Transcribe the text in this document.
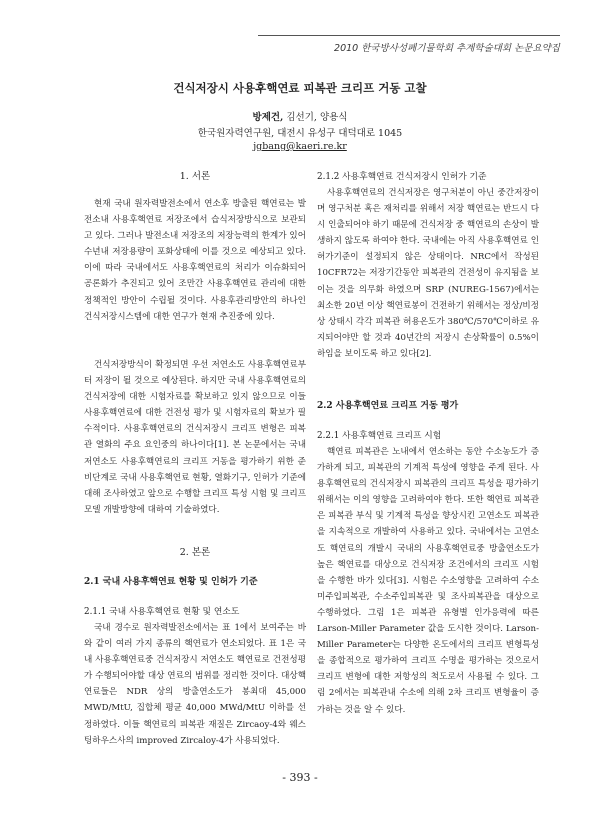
2010 한국방사성폐기물학회 추계학술대회 논문요약집
건식저장시 사용후핵연료 피복관 크리프 거동 고찰
방제건, 김선기, 양용식
한국원자력연구원, 대전시 유성구 대덕대로 1045
jgbang@kaeri.re.kr
1. 서론
현재 국내 원자력발전소에서 연소후 방출된 핵연료는 발전소내 사용후핵연료 저장조에서 습식저장방식으로 보관되고 있다. 그러나 발전소내 저장조의 저장능력의 한계가 있어 수년내 저장용량이 포화상태에 이를 것으로 예상되고 있다. 이에 따라 국내에서도 사용후핵연료의 처리가 이슈화되어 공론화가 추진되고 있어 조만간 사용후핵연료 관리에 대한 정책적인 방안이 수립될 것이다. 사용후관리방안의 하나인 건식저장시스템에 대한 연구가 현재 추진중에 있다.
건식저장방식이 확정되면 우선 저연소도 사용후핵연료부터 저장이 될 것으로 예상된다. 하지만 국내 사용후핵연료의 건식저장에 대한 시험자료를 확보하고 있지 않으므로 이들 사용후핵연료에 대한 건전성 평가 및 시험자료의 확보가 필수적이다. 사용후핵연료의 건식저장시 크리프 변형은 피복관 열화의 주요 요인중의 하나이다[1]. 본 논문에서는 국내 저연소도 사용후핵연료의 크리프 거동을 평가하기 위한 준비단계로 국내 사용후핵연료 현황, 열화기구, 인허가 기준에 대해 조사하였고 앞으로 수행할 크리프 특성 시험 및 크리프 모델 개발방향에 대하여 기술하였다.
2. 본론
2.1 국내 사용후핵연료 현황 및 인허가 기준
2.1.1 국내 사용후핵연료 현황 및 연소도
국내 경수로 원자력발전소에서는 표 1에서 보여주는 바와 같이 여러 가지 종류의 핵연료가 연소되었다. 표 1은 국내 사용후핵연료중 건식저장시 저연소도 핵연료로 건전성평가 수행되어야할 대상 연료의 범위를 정리한 것이다. 대상핵연료들은 NDR 상의 방출연소도가 봉최대 45,000 MWD/MtU, 집합체 평균 40,000 MWd/MtU 이하를 선정하였다. 이들 핵연료의 피복관 재질은 Zircaoy-4와 웨스팅하우스사의 improved Zircaloy-4가 사용되었다.
2.1.2 사용후핵연료 건식저장시 인허가 기준
사용후핵연료의 건식저장은 영구처분이 아닌 중간저장이며 영구처분 혹은 재처리를 위해서 저장 핵연료는 반드시 다시 인출되어야 하기 때문에 건식저장 중 핵연료의 손상이 발생하지 않도록 하여야 한다. 국내에는 아직 사용후핵연료 인허가기준이 설정되지 않은 상태이다. NRC에서 작성된 10CFR72는 저장기간동안 피복관의 건전성이 유지됨을 보이는 것을 의무화 하였으며 SRP (NUREG-1567)에서는 최소한 20년 이상 핵연료봉이 건전하기 위해서는 정상/비정상 상태시 각각 피복관 허용온도가 380℃/570℃이하로 유지되어야만 할 것과 40년간의 저장시 손상확률이 0.5%이하임을 보이도록 하고 있다[2].
2.2 사용후핵연료 크리프 거동 평가
2.2.1 사용후핵연료 크리프 시험
핵연료 피복관은 노내에서 연소하는 동안 수소농도가 증가하게 되고, 피복관의 기계적 특성에 영향을 주게 된다. 사용후핵연료의 건식저장시 피복관의 크리프 특성을 평가하기 위해서는 이의 영향을 고려하여야 한다. 또한 핵연료 피복관은 피복관 부식 및 기계적 특성을 향상시킨 고연소도 피복관을 지속적으로 개발하여 사용하고 있다. 국내에서는 고연소도 핵연료의 개발시 국내의 사용후핵연료중 방출연소도가 높은 핵연료를 대상으로 건식저장 조건에서의 크리프 시험을 수행한 바가 있다[3]. 시험은 수소영향을 고려하여 수소미주입피복관, 수소주입피복관 및 조사피복관을 대상으로 수행하였다. 그림 1은 피복관 유형별 인가응력에 따른 Larson-Miller Parameter 값을 도시한 것이다. Larson-Miller Parameter는 다양한 온도에서의 크리프 변형특성을 종합적으로 평가하여 크리프 수명을 평가하는 것으로서 크리프 변형에 대한 저항성의 척도로서 사용될 수 있다. 그림 2에서는 피복관내 수소에 의해 2차 크리프 변형율이 증가하는 것을 알 수 있다.
- 393 -
